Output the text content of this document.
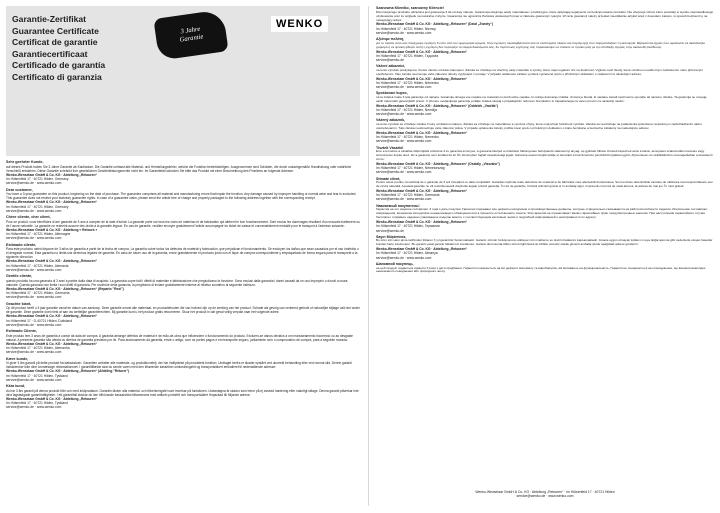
Garantie-Zertifikat
Guarantee Certificate
Certificat de garantie
Garantiecertificaat
Certificado de garantía
Certificato di garanzia
3 Jahre
Garantie
WENKO
Sehr geehrter Kunde,
auf dieses Produkt haben Sie 3 Jahre Garantie ab Kaufdatum. Die Garantie umfasst alle Material- und Herstellungsfehler, welche die Funktion beeinträchtigen. Ausgenommen sind Schäden, die durch unsachgemäße Handhabung oder natürliche Verschleiß entstehen. Diese Garantie schränkt Ihre gesetzlichen Gewährleistungsrechte nicht ein. Im Garantiefall schicken Sie bitte das Produkt mit einer Beschreibung des Problems an folgende Adresse:
Wenko-Wenselaar GmbH & Co. KG · Abteilung „Retouren“
Im Hülsenfeld 17 · 40721 Hilden, Germany
service@wenko.de · www.wenko.com
Dear customer,
You have a 3-year guarantee on this product, beginning on the date of purchase. The guarantee comprises all material and manufacturing errors that impair the function. Any damage caused by improper handling or normal wear and tear is excluded. This guarantee does not restrict your statutory guarantee rights. In case of a guarantee claim, please send the article free of charge and properly packaged to the following address together with the corresponding receipt.
Wenko-Wenselaar GmbH & Co. KG · Abteilung „Retouren“
Im Hülsenfeld 17 · 40721 Hilden, Germany
service@wenko.de · www.wenko.com
Chère cliente, cher client,
Pour ce produit, vous bénéficiez d'une garantie de 3 ans à compter de la date d'achat. La garantie porte sur tous les vices de matériau et de fabrication qui altèrent le bon fonctionnement. Sont exclus les dommages résultant d'un mauvais traitement ou de l'usure naturelle. La garantie ne restreint aucune des droits à la garantie légaux. En cas de garantie, veuillez envoyer gratuitement l'article accompagné du ticket de caisse et convenablement emballé pour le transport à l'adresse suivante :
Wenko-Wenselaar GmbH & Co. KG · Abteilung « Retours »
Im Hülsenfeld 17 · 40721 Hilden, Allemagne
service@wenko.de · www.wenko.com
Estimado cliente,
Para este producto usted dispone de 3 años de garantía a partir de la fecha de compra. La garantía cubre todos los defectos de material y fabricación, que perjudican el funcionamiento. Se excluyen los daños que sean causados por el uso indebido o el desgaste normal. Esta garantía no limita sus derechos legales de garantía. En caso de hacer uso de la garantía, envíe gratuitamente el producto junto con el tique de compra correspondiente y empaquetado de forma segura para el transporte a la siguiente dirección:
Wenko-Wenselaar GmbH & Co. KG · Abteilung „Retouren“
Im Hülsenfeld 17 · 40721 Hilden, Alemania
service@wenko.de · www.wenko.com
Gentile cliente,
questo prodotto ha una garanzia di 3 anni a partire dalla data di acquisto. La garanzia copre tutti i difetti di materiale e fabbricazione che pregiudicano la funzione. Sono esclusi dalla garanzia i danni causati da un uso improprio o dovuti a usura naturale. Questa garanzia non limita i suoi diritti di garanzia. Per usufruire della garanzia, la preghiamo di inviare gratuitamente insieme al relativo scontrino al seguente indirizzo:
Wenko-Wenselaar GmbH & Co. KG · Abteilung „Retouren“ (Reparto "Resi")
Im Hülsenfeld 17 · 40721 Hilden, Germania
service@wenko.de · www.wenko.com
Geachte klant,
Op dit product heeft u 3 jaar garantie vanaf de datum van aankoop. Deze garantie omvat alle materiaal- en productiefouten die van invloed zijn op de werking van het product. Schade als gevolg van verkeerd gebruik of natuurlijke slijtage valt niet onder de garantie. Deze garantie doet niets af aan uw wettelijke garantierechten. Bij garantie kunt u het product gratis retourneren. Stuur het product in dat geval veilig verpakt naar het volgende adres:
Wenko-Wenselaar GmbH & Co. KG · Abteilung „Retouren“
Im Hülsenfeld 17 · D-40721 Hilden, Duitsland
service@wenko.de · www.wenko.com
Estimado Cliente,
Este produto tem 3 anos de garantia a contar da data de compra. A garantia abrange defeitos de material e de mão-de-obra que influenciem o funcionamento do produto. Excluem-se danos devidos a um manuseamento incorrecto ou ao desgaste natural. A presente garantia não afecta os direitos de garantia previstos por lei. Para accionamento da garantia, envie o artigo, com os portes pagos e em transporte seguro, juntamente com o comprovativo de compra, para a seguinte morada:
Wenko-Wenselaar GmbH & Co. KG · Abteilung „Retouren“
Im Hülsenfeld 17 · 40721 Hilden, Alemanha
service@wenko.de · www.wenko.com
Kære kunde,
Vi giver 3 års garanti på dette produkt fra købsdatoen. Garantien omfatter alle materiale- og produktionsfejl, der har indflydelse på produktets funktion. Undtaget herfra er skader opstået ved ukorrekt behandling eller ved normal slid. Denne garanti indskrænker ikke dine lovmæssige reklamationsret. I garantitilfælde skal du sende varen med den tilhørende kassebon omkostningsfrit og transportsikkert emballeret til nedenstående adresse:
Wenko-Wenselaar GmbH & Co. KG · Abteilung „Retouren“ (Afdeling "Returer")
Im Hülsenfeld 17 · 40721 Hilden, Tyskland
service@wenko.de · www.wenko.com
Kära kund,
du har 3 års garanti på denna produkt från och med inköpsdatum. Garantin täcker alla material- och tillverkningsfel som inverkar på funktionen. Undantagna är skador som beror på ej avsedd hantering eller naturligt slitage. Denna garanti påverkar inte dina lagstadgade garantirättigheter. I ett garantifall skickar du den tillhörande kassakvittot tillsammans med artikeln portofritt och transportsäkert förpackad till följande adress:
Wenko-Wenselaar GmbH & Co. KG · Abteilung „Retouren“
Im Hülsenfeld 17 · 40721 Hilden, Tyskland
service@wenko.de · www.wenko.com
Szanowna Klientko, szanowny Kliencie!
Dla niniejszego produktu udzielona jest gwarancja 3 lat od daty zakupu. Gwarancja obejmuje wady materiałowe i produkcyjne, które wpływają negatywnie na funkcjonowanie produktu. Nie obejmuje szkód, które powstały w wyniku nieprawidłowego użytkowania oraz ze względu na naturalne zużycie. Gwarancja nie ogranicza Państwa ustawowych praw w zakresie gwarancji i rękojmi. W razie gwarancji należy przesłać nieodpłatnie artykuł wraz z dowodem zakupu, w sposób bezpieczny na następujący adres:
Wenko-Wenselaar GmbH & Co. KG · Abteilung „Retouren“ (Dział „Zwroty“)
Im Hülsenfeld 17 · 40721 Hilden, Niemcy
service@wenko.de · www.wenko.com
Αξιότιμε πελάτη,
για το προϊόν αυτό σας παρέχουμε εγγύηση 3 ετών από την ημερομηνία αγοράς. Στην εγγύηση περιλαμβάνονται όλα τα ελαττώματα υλικών και παραγωγής που παρεμποδίζουν τη λειτουργία. Εξαιρούνται ζημιές που οφείλονται σε ακατάλληλο χειρισμό ή σε φυσική φθορά. Αυτή η εγγύηση δεν περιορίζει τα νόμιμα δικαιώματά σας. Σε περίπτωση εγγύησης σας παρακαλούμε να στείλετε το προϊόν μαζί με την απόδειξη αγοράς στην ακόλουθη διεύθυνση:
Wenko-Wenselaar GmbH & Co. KG · Abteilung „Retouren“
Im Hülsenfeld 17 · 40721 Hilden, Γερμανία
service@wenko.de
Vážení zákazníci,
na tento výrobek poskytujeme 3 letou záruku od data zakoupení. Záruka se vztahuje na všechny vady materiálu a výroby, které mají negativní vliv na funkčnost. Výjimku tvoří škody, které vzniknou neodborným zacházením nebo přirozeným opotřebením. Tato záruka neomezuje vaše zákonné nároky vyplývající z prodeje. V případě reklamace zašlete výrobek vyplaceně spolu s příslušným dokladem o zaplacení na následující adresu:
Wenko-Wenselaar GmbH & Co. KG · Abteilung „Retouren“
Im Hülsenfeld 17 · 40721 Hilden, Německo
service@wenko.de · www.wenko.com
Spoštovani kupec,
na ta izdelek imate 3 leta garancije od nakupa. Garancija obsega vse napake na materialu in proizvodne napake, ki ovirajo delovanje izdelka. Izvzeta je škoda, ki nastane zaradi neprimerne uporabe ali naravne obrabe. Ta garancija ne omejuje vaših zakonskih garancijskih pravic. V primeru uveljavljanja garancije pošljite izdelek skupaj s pripadajočim računom brezplačno in zapakiranega na varen prevoz na naslednji naslov:
Wenko-Wenselaar GmbH & Co. KG · Abteilung „Retouren“ (Oddelek „Vračila“)
Im Hülsenfeld 17 · 40721 Hilden, Nemčija
service@wenko.de · www.wenko.com
Vážený zákazník,
na tento výrobok sa vzťahuje záruka 3 roky od dátumu nákupu. Záruka sa vzťahuje na materiálové a výrobné chyby, ktoré ovplyvňujú funkčnosť výrobku. Záruka sa nevzťahuje na poškodenia spôsobené nesprávnym zaobchádzaním alebo opotrebovaním. Táto záruka neobmedzuje vaše zákonné práva. V prípade uplatnenia záruky, pošlite tovar spolu s príslušným dokladom o kúpe bezplatne a bezpečne zabalený na nasledujúcu adresu:
Wenko-Wenselaar GmbH & Co. KG · Abteilung „Retouren“
Im Hülsenfeld 17 · 40721 Hilden, Nemecko
service@wenko.de · www.wenko.com
Tisztelt Vásárló!
Erre a termékre a vásárlás időpontjától számítva 3 év garancia érvényes. A garancia kiterjed a működést hátrányosan befolyásoló valamennyi anyag- és gyártási hibára. Kivételt képeznek azok a károk, amelyeket szakszerűtlen kezelés vagy természetes kopás okoz. Ez a garancia nem korlátozza az Ön törvényben foglalt szavatossági jogait. Garancia esetén kérjük küldje el termékét a hozzá tartozó pénztárbizonylattal együtt, díjmentesen és szállításbiztos csomagolásban a következő címre:
Wenko-Wenselaar GmbH & Co. KG · Abteilung „Retouren“ (Osztály „Visszáru“)
Im Hülsenfeld 17 · 40721 Hilden, Németország
service@wenko.de · www.wenko.com
Stimate client,
Pentru acest produs, beneficiați de o garanție de 3 ani începând cu data cumpărării. Garanția cuprinde toate defectele de material și de fabricație care afectează funcționarea. Sunt excluse deteriorările cauzate de utilizarea necorespunzătoare sau de uzura naturală. Această garanție nu vă restricționează drepturile legale privind garanția. În caz de garanție, trimiteți articolul gratuit și în ambalaj sigur, împreună cu bonul de casă aferent, la adresa de mai jos. În mod gratuit:
Wenko-Wenselaar GmbH & Co. KG · Abteilung „Retouren“
Im Hülsenfeld 17 · 40721 Hilden, Germania
service@wenko.de · www.wenko.com
Уважаемый покупатель!
Гарантия на это изделие составляет 3 года с даты покупки. Гарантия покрывает все дефекты материала и производственные дефекты, которые отрицательно сказываются на работоспособности изделия. Исключение составляют повреждения, возникшие вследствие ненадлежащего обращения или в процессе естественного износа. Эта гарантия не ограничивает ваших гарантийных прав, предусмотренных законом. При наступлении гарантийного случая бесплатно отправьте надежно упакованное изделие вместе с соответствующим кассовым чеком и подробной информацией о неисправности по адресу:
Wenko-Wenselaar GmbH & Co. KG · Abteilung „Retouren“
Im Hülsenfeld 17 · 40721 Hilden, Германия
service@wenko.de
Sayın Müşterimiz,
Bu ürün için satın alma tarihinden itibaren 3 yıl garantiniz bulunmaktadır. Garanti, ürünün fonksiyonunu etkileyen tüm malzeme ve üretim hatalarını kapsamaktadır. Amaca uygun olmayan kullanım veya doğal aşınma gibi nedenlerle oluşan hasarlar bundan hariç tutulmuştur. Bu garanti yasal garanti haklarınızı kısıtlamaz. Garanti durumunda lütfen ürünü ilgili fatura ile birlikte ücretsiz olarak güvenli ambalaj içinde aşağıdaki adrese gönderin:
Wenko-Wenselaar GmbH & Co. KG · Abteilung „Retouren“
Im Hülsenfeld 17 · 40721 Hilden, Almanya
service@wenko.de · www.wenko.com
Шановний покупець,
на цей продукт надається гарантія 3 роки з дати придбання. Гарантія поширюється на всі дефекти матеріалу та виробництва, які впливають на функціональність. Гарантія не поширюється на пошкодження, що виникли внаслідок неналежного поводження або природного зносу.
Wenko-Wenselaar GmbH & Co. KG · Abteilung „Retouren“ · Im Hülsenfeld 17 · 40721 Hilden
service@wenko.de · www.wenko.com
